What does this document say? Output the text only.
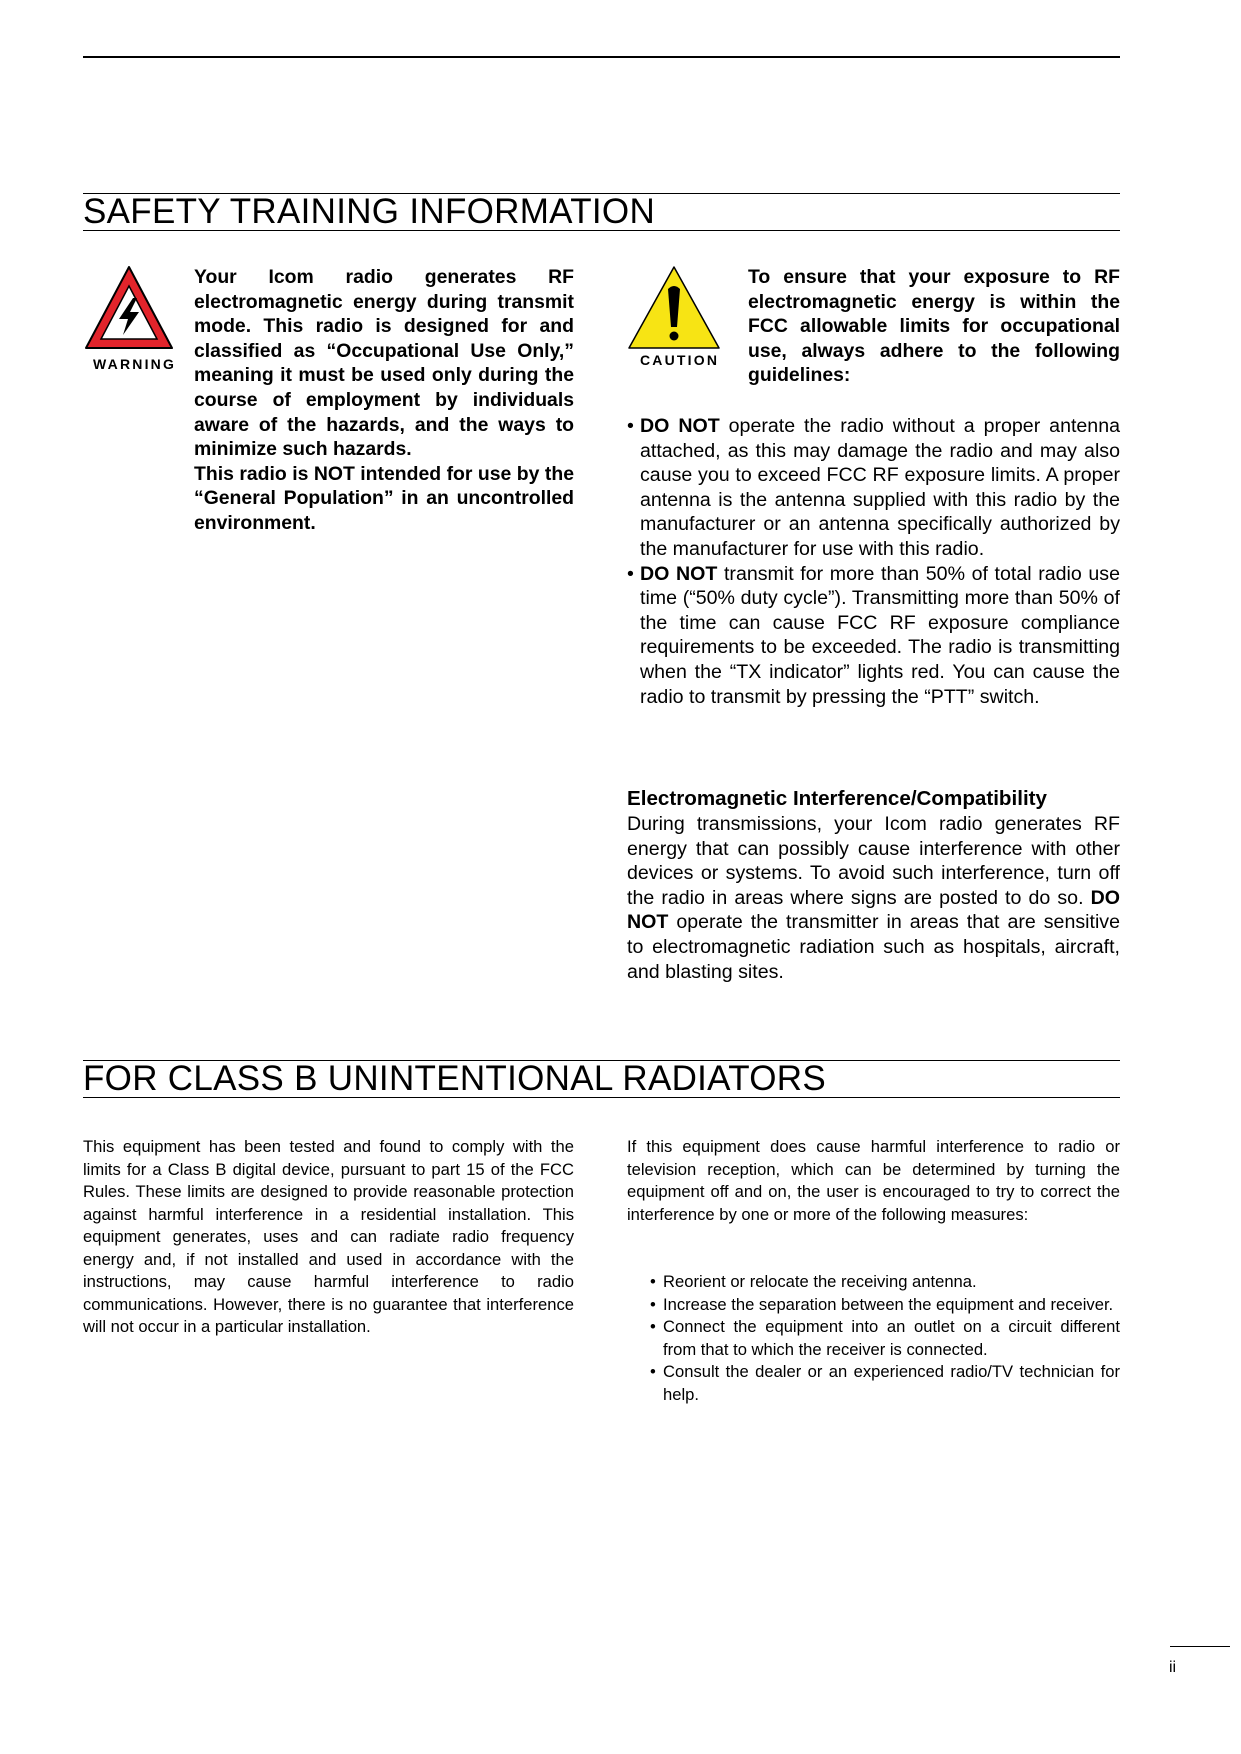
SAFETY TRAINING INFORMATION
WARNING
Your Icom radio generates RF electromagnetic energy during transmit mode. This radio is designed for and classified as “Occupational Use Only,” meaning it must be used only during the course of employment by individuals aware of the hazards, and the ways to minimize such hazards.
This radio is NOT intended for use by the “General Population” in an uncontrolled environment.
CAUTION
To ensure that your exposure to RF electromagnetic energy is within the FCC allowable limits for occupational use, always adhere to the following guidelines:
• DO NOT operate the radio without a proper antenna attached, as this may damage the radio and may also cause you to exceed FCC RF exposure limits. A proper antenna is the antenna supplied with this radio by the manufacturer or an antenna specifically authorized by the manufacturer for use with this radio.
• DO NOT transmit for more than 50% of total radio use time (“50% duty cycle”). Transmitting more than 50% of the time can cause FCC RF exposure compliance requirements to be exceeded. The radio is transmitting when the “TX indicator” lights red. You can cause the radio to transmit by pressing the “PTT” switch.
Electromagnetic Interference/Compatibility
During transmissions, your Icom radio generates RF energy that can possibly cause interference with other devices or systems. To avoid such interference, turn off the radio in areas where signs are posted to do so. DO NOT operate the transmitter in areas that are sensitive to electromagnetic radiation such as hospitals, aircraft, and blasting sites.
FOR CLASS B UNINTENTIONAL RADIATORS
This equipment has been tested and found to comply with the limits for a Class B digital device, pursuant to part 15 of the FCC Rules. These limits are designed to provide reasonable protection against harmful interference in a residential installation. This equipment generates, uses and can radiate radio frequency energy and, if not installed and used in accordance with the instructions, may cause harmful interference to radio communications. However, there is no guarantee that interference will not occur in a particular installation.
If this equipment does cause harmful interference to radio or television reception, which can be determined by turning the equipment off and on, the user is encouraged to try to correct the interference by one or more of the following measures:
• Reorient or relocate the receiving antenna.
• Increase the separation between the equipment and receiver.
• Connect the equipment into an outlet on a circuit different from that to which the receiver is connected.
• Consult the dealer or an experienced radio/TV technician for help.
ii
